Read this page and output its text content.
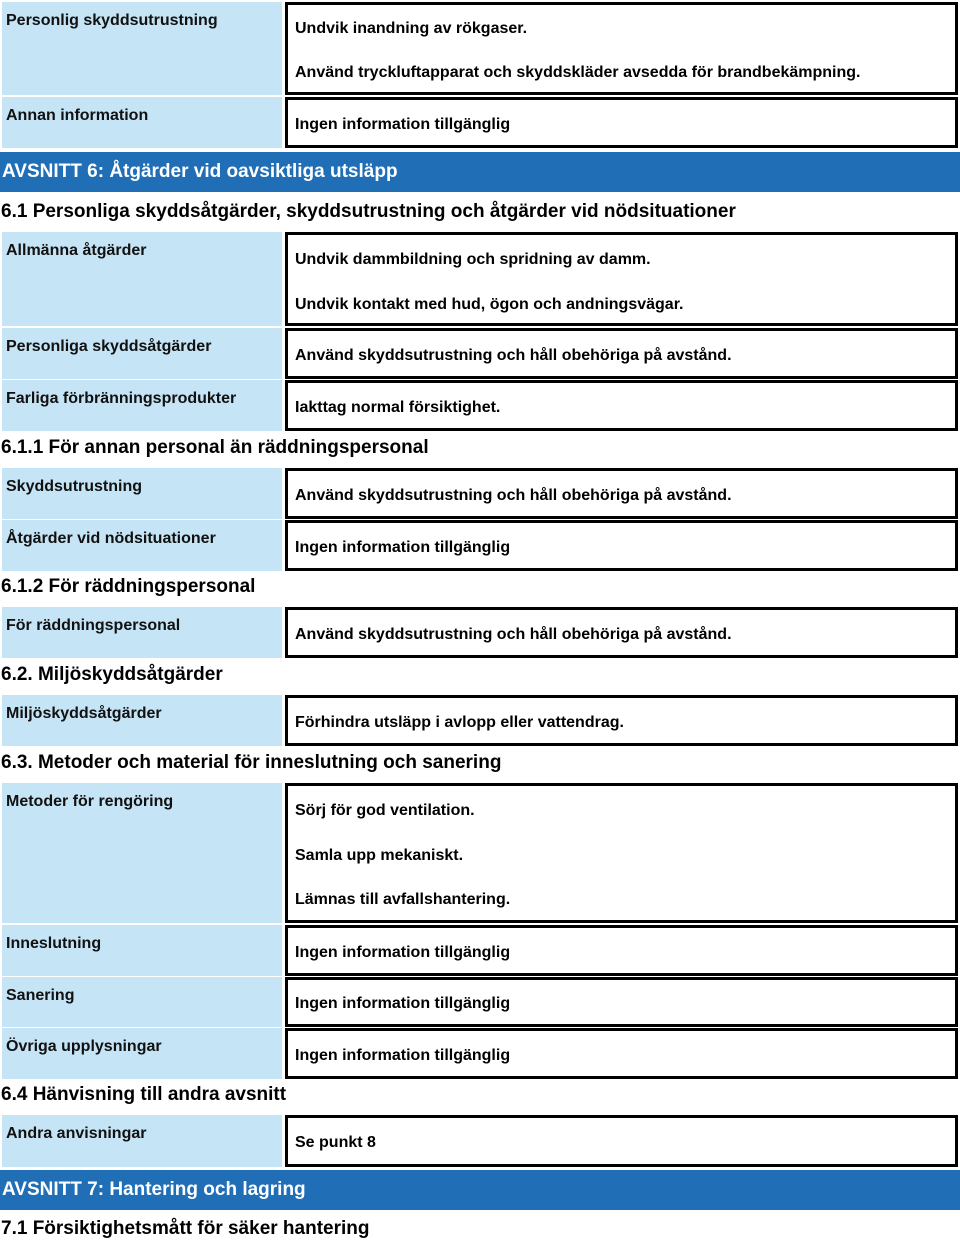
Personlig skyddsutrustning	Undvik inandning av rökgaser.
Använd tryckluftapparat och skyddskläder avsedda för brandbekämpning.
Annan information
Ingen information tillgänglig
AVSNITT 6: Åtgärder vid oavsiktliga utsläpp
6.1 Personliga skyddsåtgärder, skyddsutrustning och åtgärder vid nödsituationer
Allmänna åtgärder
Undvik dammbildning och spridning av damm.
Undvik kontakt med hud, ögon och andningsvägar.
Personliga skyddsåtgärder
Använd skyddsutrustning och håll obehöriga på avstånd.
Farliga förbränningsprodukter
Iakttag normal försiktighet.
6.1.1 För annan personal än räddningspersonal
Skyddsutrustning
Använd skyddsutrustning och håll obehöriga på avstånd.
Åtgärder vid nödsituationer
Ingen information tillgänglig
6.1.2 För räddningspersonal
För räddningspersonal
Använd skyddsutrustning och håll obehöriga på avstånd.
6.2. Miljöskyddsåtgärder
Miljöskyddsåtgärder
Förhindra utsläpp i avlopp eller vattendrag.
6.3. Metoder och material för inneslutning och sanering
Metoder för rengöring
Sörj för god ventilation.
Samla upp mekaniskt.
Lämnas till avfallshantering.
Inneslutning
Ingen information tillgänglig
Sanering	Ingen information tillgänglig
Övriga upplysningar
Ingen information tillgänglig
6.4 Hänvisning till andra avsnitt
Andra anvisningar
Se punkt 8
AVSNITT 7: Hantering och lagring
7.1 Försiktighetsmått för säker hantering
